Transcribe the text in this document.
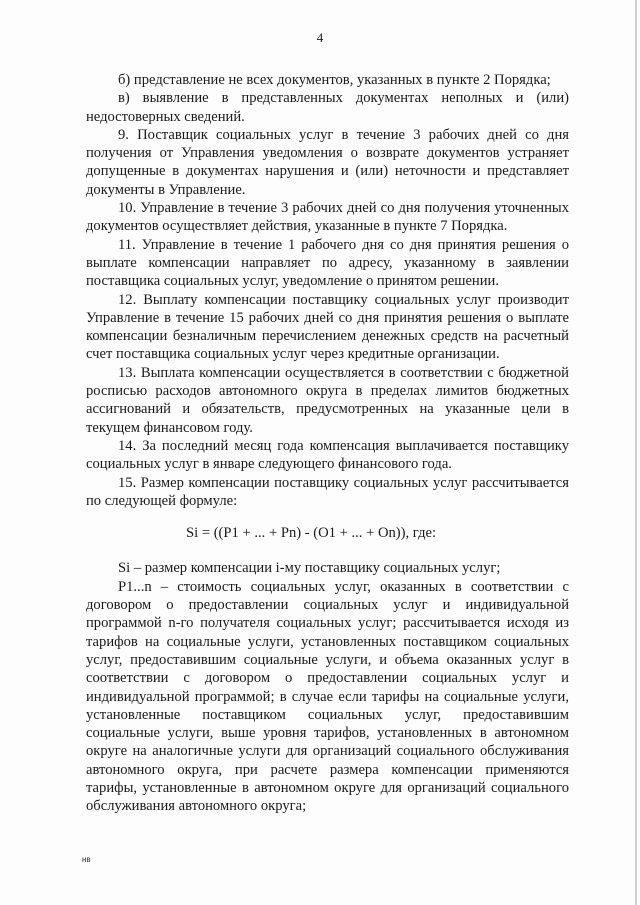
4

б) представление не всех документов, указанных в пункте 2 Порядка;

в) выявление в представленных документах неполных и (или) недостоверных сведений.

9. Поставщик социальных услуг в течение 3 рабочих дней со дня получения от Управления уведомления о возврате документов устраняет допущенные в документах нарушения и (или) неточности и представляет документы в Управление.

10. Управление в течение 3 рабочих дней со дня получения уточненных документов осуществляет действия, указанные в пункте 7 Порядка.

11. Управление в течение 1 рабочего дня со дня принятия решения о выплате компенсации направляет по адресу, указанному в заявлении поставщика социальных услуг, уведомление о принятом решении.

12. Выплату компенсации поставщику социальных услуг производит Управление в течение 15 рабочих дней со дня принятия решения о выплате компенсации безналичным перечислением денежных средств на расчетный счет поставщика социальных услуг через кредитные организации.

13. Выплата компенсации осуществляется в соответствии с бюджетной росписью расходов автономного округа в пределах лимитов бюджетных ассигнований и обязательств, предусмотренных на указанные цели в текущем финансовом году.

14. За последний месяц года компенсация выплачивается поставщику социальных услуг в январе следующего финансового года.

15. Размер компенсации поставщику социальных услуг рассчитывается по следующей формуле:

Si = ((P1 + ... + Pn) - (O1 + ... + On)), где:

Si – размер компенсации i-му поставщику социальных услуг;

P1...n – стоимость социальных услуг, оказанных в соответствии с договором о предоставлении социальных услуг и индивидуальной программой n-го получателя социальных услуг; рассчитывается исходя из тарифов на социальные услуги, установленных поставщиком социальных услуг, предоставившим социальные услуги, и объема оказанных услуг в соответствии с договором о предоставлении социальных услуг и индивидуальной программой; в случае если тарифы на социальные услуги, установленные поставщиком социальных услуг, предоставившим социальные услуги, выше уровня тарифов, установленных в автономном округе на аналогичные услуги для организаций социального обслуживания автономного округа, при расчете размера компенсации применяются тарифы, установленные в автономном округе для организаций социального обслуживания автономного округа;

нв
